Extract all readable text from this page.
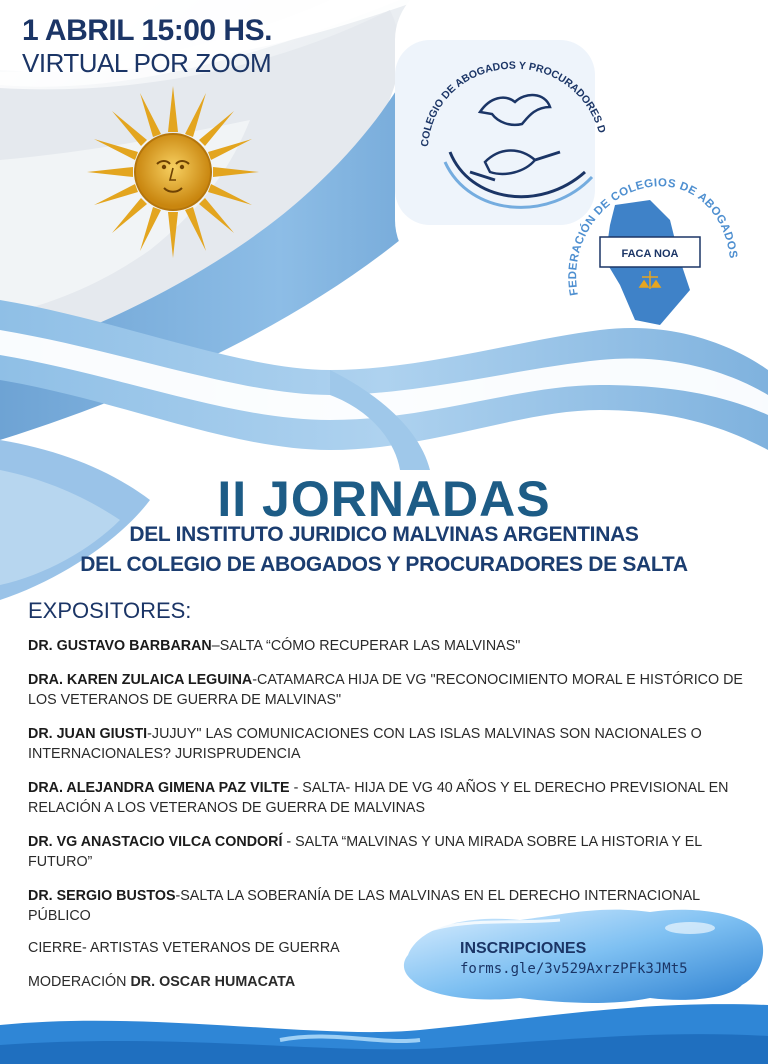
1 ABRIL 15:00 HS.
VIRTUAL POR ZOOM
COLEGIO DE ABOGADOS Y PROCURADORES D
FEDERACIÓN DE COLEGIOS DE ABOGADOS
FACA NOA
II JORNADAS
DEL INSTITUTO JURIDICO MALVINAS ARGENTINAS
DEL COLEGIO DE ABOGADOS Y PROCURADORES DE SALTA
EXPOSITORES:
DR. GUSTAVO BARBARAN–SALTA “CÓMO RECUPERAR LAS MALVINAS"
DRA. KAREN ZULAICA LEGUINA-CATAMARCA HIJA DE VG "RECONOCIMIENTO MORAL E HISTÓRICO DE LOS VETERANOS DE GUERRA DE MALVINAS"
DR. JUAN GIUSTI-JUJUY" LAS COMUNICACIONES CON LAS ISLAS MALVINAS SON NACIONALES O INTERNACIONALES? JURISPRUDENCIA
DRA. ALEJANDRA GIMENA PAZ VILTE - SALTA- HIJA DE VG 40 AÑOS Y EL DERECHO PREVISIONAL EN RELACIÓN A LOS VETERANOS DE GUERRA DE MALVINAS
DR. VG ANASTACIO VILCA CONDORÍ - SALTA “MALVINAS Y UNA MIRADA SOBRE LA HISTORIA Y EL FUTURO”
DR. SERGIO BUSTOS-SALTA LA SOBERANÍA DE LAS MALVINAS EN EL DERECHO INTERNACIONAL PÚBLICO
CIERRE- ARTISTAS VETERANOS DE GUERRA
MODERACIÓN DR. OSCAR HUMACATA
INSCRIPCIONES
forms.gle/3v529AxrzPFk3JMt5
